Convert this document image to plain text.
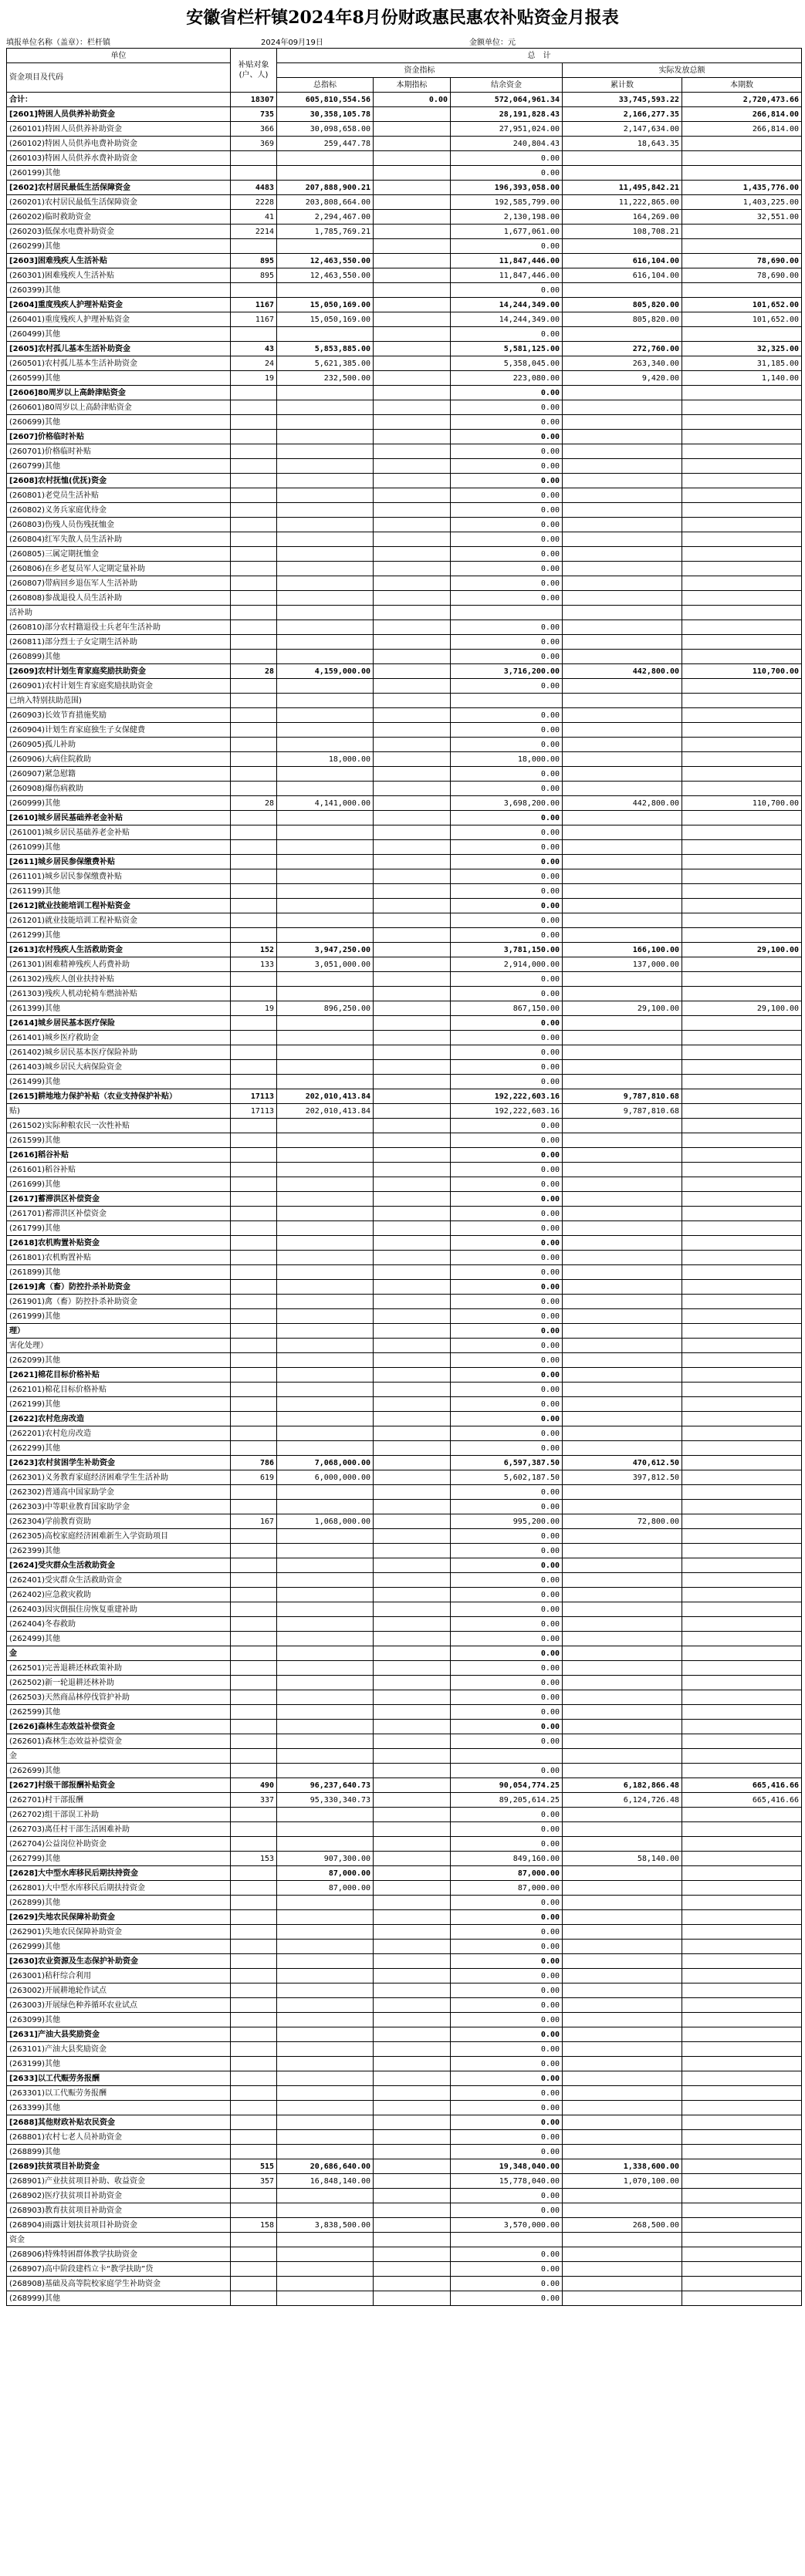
安徽省栏杆镇2024年8月份财政惠民惠农补贴资金月报表
填报单位名称（盖章）：栏杆镇	2024年09月19日	金额单位：元
单位	补贴对象(户、人)	总　计				
资金项目及代码		资金指标			实际发放总额	
		总指标	本期指标	结余资金	累计数	本期数
合计：	18307	605,810,554.56	0.00	572,064,961.34	33,745,593.22	2,720,473.66
[2601]特困人员供养补助资金	735	30,358,105.78		28,191,828.43	2,166,277.35	266,814.00
(260101)特困人员供养补助资金	366	30,098,658.00		27,951,024.00	2,147,634.00	266,814.00
(260102)特困人员供养电费补助资金	369	259,447.78		240,804.43	18,643.35	
(260103)特困人员供养水费补助资金				0.00		
(260199)其他				0.00		
[2602]农村居民最低生活保障资金	4483	207,888,900.21		196,393,058.00	11,495,842.21	1,435,776.00
(260201)农村居民最低生活保障资金	2228	203,808,664.00		192,585,799.00	11,222,865.00	1,403,225.00
(260202)临时救助资金	41	2,294,467.00		2,130,198.00	164,269.00	32,551.00
(260203)低保水电费补助资金	2214	1,785,769.21		1,677,061.00	108,708.21	
(260299)其他				0.00		
[2603]困难残疾人生活补贴	895	12,463,550.00		11,847,446.00	616,104.00	78,690.00
(260301)困难残疾人生活补贴	895	12,463,550.00		11,847,446.00	616,104.00	78,690.00
(260399)其他				0.00		
[2604]重度残疾人护理补贴资金	1167	15,050,169.00		14,244,349.00	805,820.00	101,652.00
(260401)重度残疾人护理补贴资金	1167	15,050,169.00		14,244,349.00	805,820.00	101,652.00
(260499)其他				0.00		
[2605]农村孤儿基本生活补助资金	43	5,853,885.00		5,581,125.00	272,760.00	32,325.00
(260501)农村孤儿基本生活补助资金	24	5,621,385.00		5,358,045.00	263,340.00	31,185.00
(260599)其他	19	232,500.00		223,080.00	9,420.00	1,140.00
[2606]80周岁以上高龄津贴资金				0.00		
(260601)80周岁以上高龄津贴资金				0.00		
(260699)其他				0.00		
[2607]价格临时补贴				0.00		
(260701)价格临时补贴				0.00		
(260799)其他				0.00		
[2608]农村抚恤(优抚)资金				0.00		
(260801)老党员生活补贴				0.00		
(260802)义务兵家庭优待金				0.00		
(260803)伤残人员伤残抚恤金				0.00		
(260804)红军失散人员生活补助				0.00		
(260805)三属定期抚恤金				0.00		
(260806)在乡老复员军人定期定量补助				0.00		
(260807)带病回乡退伍军人生活补助				0.00		
(260808)参战退役人员生活补助				0.00		
活补助						
(260810)部分农村籍退役士兵老年生活补助				0.00		
(260811)部分烈士子女定期生活补助				0.00		
(260899)其他				0.00		
[2609]农村计划生育家庭奖励扶助资金	28	4,159,000.00		3,716,200.00	442,800.00	110,700.00
(260901)农村计划生育家庭奖励扶助资金				0.00		
已纳入特别扶助范围)						
(260903)长效节育措施奖励				0.00		
(260904)计划生育家庭独生子女保健费				0.00		
(260905)孤儿补助				0.00		
(260906)大病住院救助		18,000.00		18,000.00		
(260907)紧急慰籍				0.00		
(260908)爆伤病救助				0.00		
(260999)其他	28	4,141,000.00		3,698,200.00	442,800.00	110,700.00
[2610]城乡居民基础养老金补贴				0.00		
(261001)城乡居民基础养老金补贴				0.00		
(261099)其他				0.00		
[2611]城乡居民参保缴费补贴				0.00		
(261101)城乡居民参保缴费补贴				0.00		
(261199)其他				0.00		
[2612]就业技能培训工程补贴资金				0.00		
(261201)就业技能培训工程补贴资金				0.00		
(261299)其他				0.00		
[2613]农村残疾人生活救助资金	152	3,947,250.00		3,781,150.00	166,100.00	29,100.00
(261301)困难精神残疾人药费补助	133	3,051,000.00		2,914,000.00	137,000.00	
(261302)残疾人创业扶持补贴				0.00		
(261303)残疾人机动轮椅车燃油补贴				0.00		
(261399)其他	19	896,250.00		867,150.00	29,100.00	29,100.00
[2614]城乡居民基本医疗保险				0.00		
(261401)城乡医疗救助金				0.00		
(261402)城乡居民基本医疗保险补助				0.00		
(261403)城乡居民大病保险资金				0.00		
(261499)其他				0.00		
[2615]耕地地力保护补贴（农业支持保护补贴）	17113	202,010,413.84		192,222,603.16	9,787,810.68	
贴)	17113	202,010,413.84		192,222,603.16	9,787,810.68	
(261502)实际种粮农民一次性补贴				0.00		
(261599)其他				0.00		
[2616]稻谷补贴				0.00		
(261601)稻谷补贴				0.00		
(261699)其他				0.00		
[2617]蓄滞洪区补偿资金				0.00		
(261701)蓄滞洪区补偿资金				0.00		
(261799)其他				0.00		
[2618]农机购置补贴资金				0.00		
(261801)农机购置补贴				0.00		
(261899)其他				0.00		
[2619]禽（畜）防控扑杀补助资金				0.00		
(261901)禽（畜）防控扑杀补助资金				0.00		
(261999)其他				0.00		
理）				0.00		
害化处理）				0.00		
(262099)其他				0.00		
[2621]棉花目标价格补贴				0.00		
(262101)棉花目标价格补贴				0.00		
(262199)其他				0.00		
[2622]农村危房改造				0.00		
(262201)农村危房改造				0.00		
(262299)其他				0.00		
[2623]农村贫困学生补助资金	786	7,068,000.00		6,597,387.50	470,612.50	
(262301)义务教育家庭经济困难学生生活补助	619	6,000,000.00		5,602,187.50	397,812.50	
(262302)普通高中国家助学金				0.00		
(262303)中等职业教育国家助学金				0.00		
(262304)学前教育资助	167	1,068,000.00		995,200.00	72,800.00	
(262305)高校家庭经济困难新生入学资助项目				0.00		
(262399)其他				0.00		
[2624]受灾群众生活救助资金				0.00		
(262401)受灾群众生活救助资金				0.00		
(262402)应急救灾救助				0.00		
(262403)因灾倒损住房恢复重建补助				0.00		
(262404)冬春救助				0.00		
(262499)其他				0.00		
金				0.00		
(262501)完善退耕还林政策补助				0.00		
(262502)新一轮退耕还林补助				0.00		
(262503)天然商品林停伐管护补助				0.00		
(262599)其他				0.00		
[2626]森林生态效益补偿资金				0.00		
(262601)森林生态效益补偿资金				0.00		
金						
(262699)其他				0.00		
[2627]村级干部报酬补贴资金	490	96,237,640.73		90,054,774.25	6,182,866.48	665,416.66
(262701)村干部报酬	337	95,330,340.73		89,205,614.25	6,124,726.48	665,416.66
(262702)组干部误工补助				0.00		
(262703)离任村干部生活困难补助				0.00		
(262704)公益岗位补助资金				0.00		
(262799)其他	153	907,300.00		849,160.00	58,140.00	
[2628]大中型水库移民后期扶持资金		87,000.00		87,000.00		
(262801)大中型水库移民后期扶持资金		87,000.00		87,000.00		
(262899)其他				0.00		
[2629]失地农民保障补助资金				0.00		
(262901)失地农民保障补助资金				0.00		
(262999)其他				0.00		
[2630]农业资源及生态保护补助资金				0.00		
(263001)秸秆综合利用				0.00		
(263002)开展耕地轮作试点				0.00		
(263003)开展绿色种养循环农业试点				0.00		
(263099)其他				0.00		
[2631]产油大县奖励资金				0.00		
(263101)产油大县奖励资金				0.00		
(263199)其他				0.00		
[2633]以工代赈劳务报酬				0.00		
(263301)以工代赈劳务报酬				0.00		
(263399)其他				0.00		
[2688]其他财政补贴农民资金				0.00		
(268801)农村七老人员补助资金				0.00		
(268899)其他				0.00		
[2689]扶贫项目补助资金	515	20,686,640.00		19,348,040.00	1,338,600.00	
(268901)产业扶贫项目补助、收益资金	357	16,848,140.00		15,778,040.00	1,070,100.00	
(268902)医疗扶贫项目补助资金				0.00		
(268903)教育扶贫项目补助资金				0.00		
(268904)雨露计划扶贫项目补助资金	158	3,838,500.00		3,570,000.00	268,500.00	
资金						
(268906)特殊特困群体教学扶助资金				0.00		
(268907)高中阶段建档立卡“教学扶助”贷				0.00		
(268908)基础及高等院校家庭学生补助资金				0.00		
(268999)其他				0.00		
